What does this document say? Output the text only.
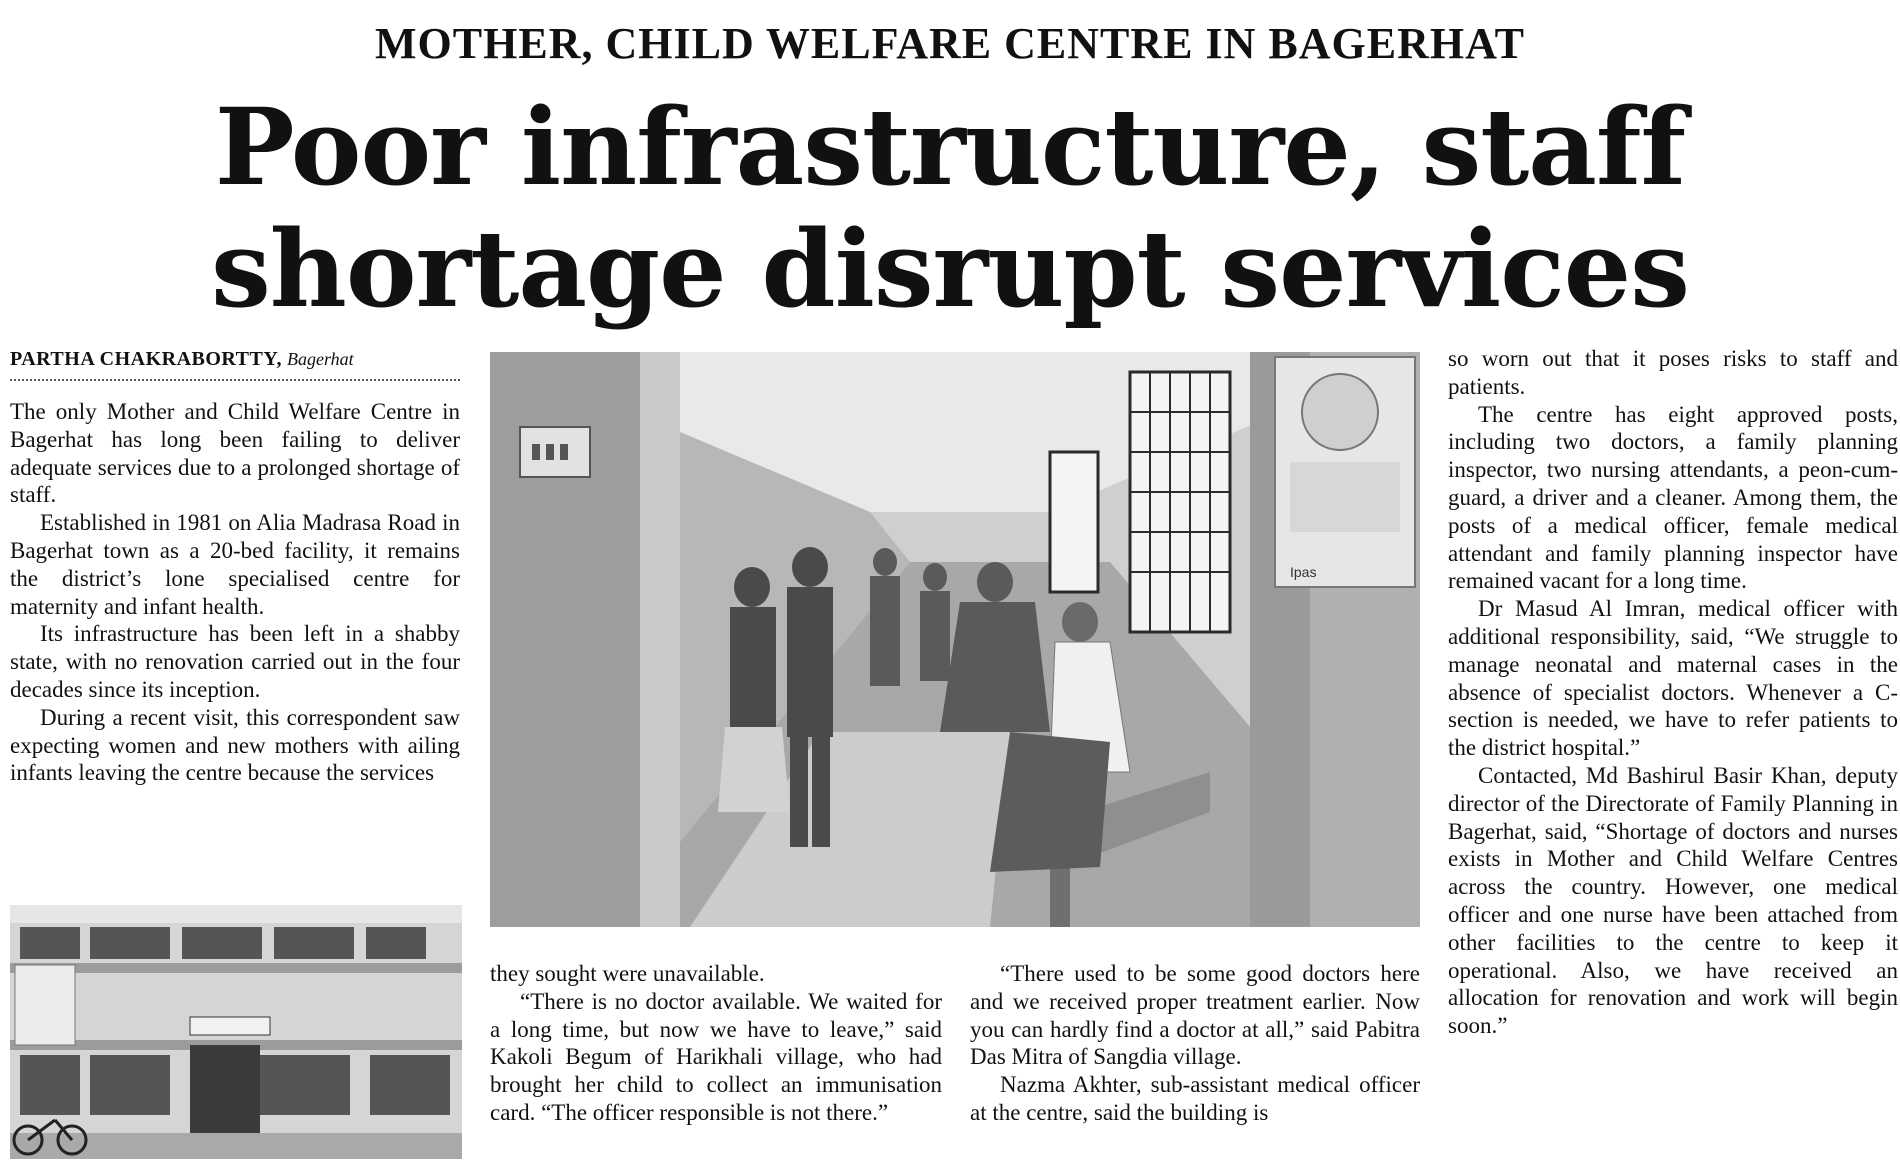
MOTHER, CHILD WELFARE CENTRE IN BAGERHAT
Poor infrastructure, staff
shortage disrupt services
PARTHA CHAKRABORTTY, Bagerhat

The only Mother and Child Welfare Centre in Bagerhat has long been failing to deliver adequate services due to a prolonged shortage of staff.

Established in 1981 on Alia Madrasa Road in Bagerhat town as a 20-bed facility, it remains the district’s lone specialised centre for maternity and infant health.

Its infrastructure has been left in a shabby state, with no renovation carried out in the four decades since its inception.

During a recent visit, this correspondent saw expecting women and new mothers with ailing infants leaving the centre because the services

Ipas

they sought were unavailable.

“There is no doctor available. We waited for a long time, but now we have to leave,” said Kakoli Begum of Harikhali village, who had brought her child to collect an immunisation card. “The officer responsible is not there.”

“There used to be some good doctors here and we received proper treatment earlier. Now you can hardly find a doctor at all,” said Pabitra Das Mitra of Sangdia village.

Nazma Akhter, sub-assistant medical officer at the centre, said the building is

so worn out that it poses risks to staff and patients.

The centre has eight approved posts, including two doctors, a family planning inspector, two nursing attendants, a peon-cum-guard, a driver and a cleaner. Among them, the posts of a medical officer, female medical attendant and family planning inspector have remained vacant for a long time.

Dr Masud Al Imran, medical officer with additional responsibility, said, “We struggle to manage neonatal and maternal cases in the absence of specialist doctors. Whenever a C-section is needed, we have to refer patients to the district hospital.”

Contacted, Md Bashirul Basir Khan, deputy director of the Directorate of Family Planning in Bagerhat, said, “Shortage of doctors and nurses exists in Mother and Child Welfare Centres across the country. However, one medical officer and one nurse have been attached from other facilities to the centre to keep it operational. Also, we have received an allocation for renovation and work will begin soon.”
